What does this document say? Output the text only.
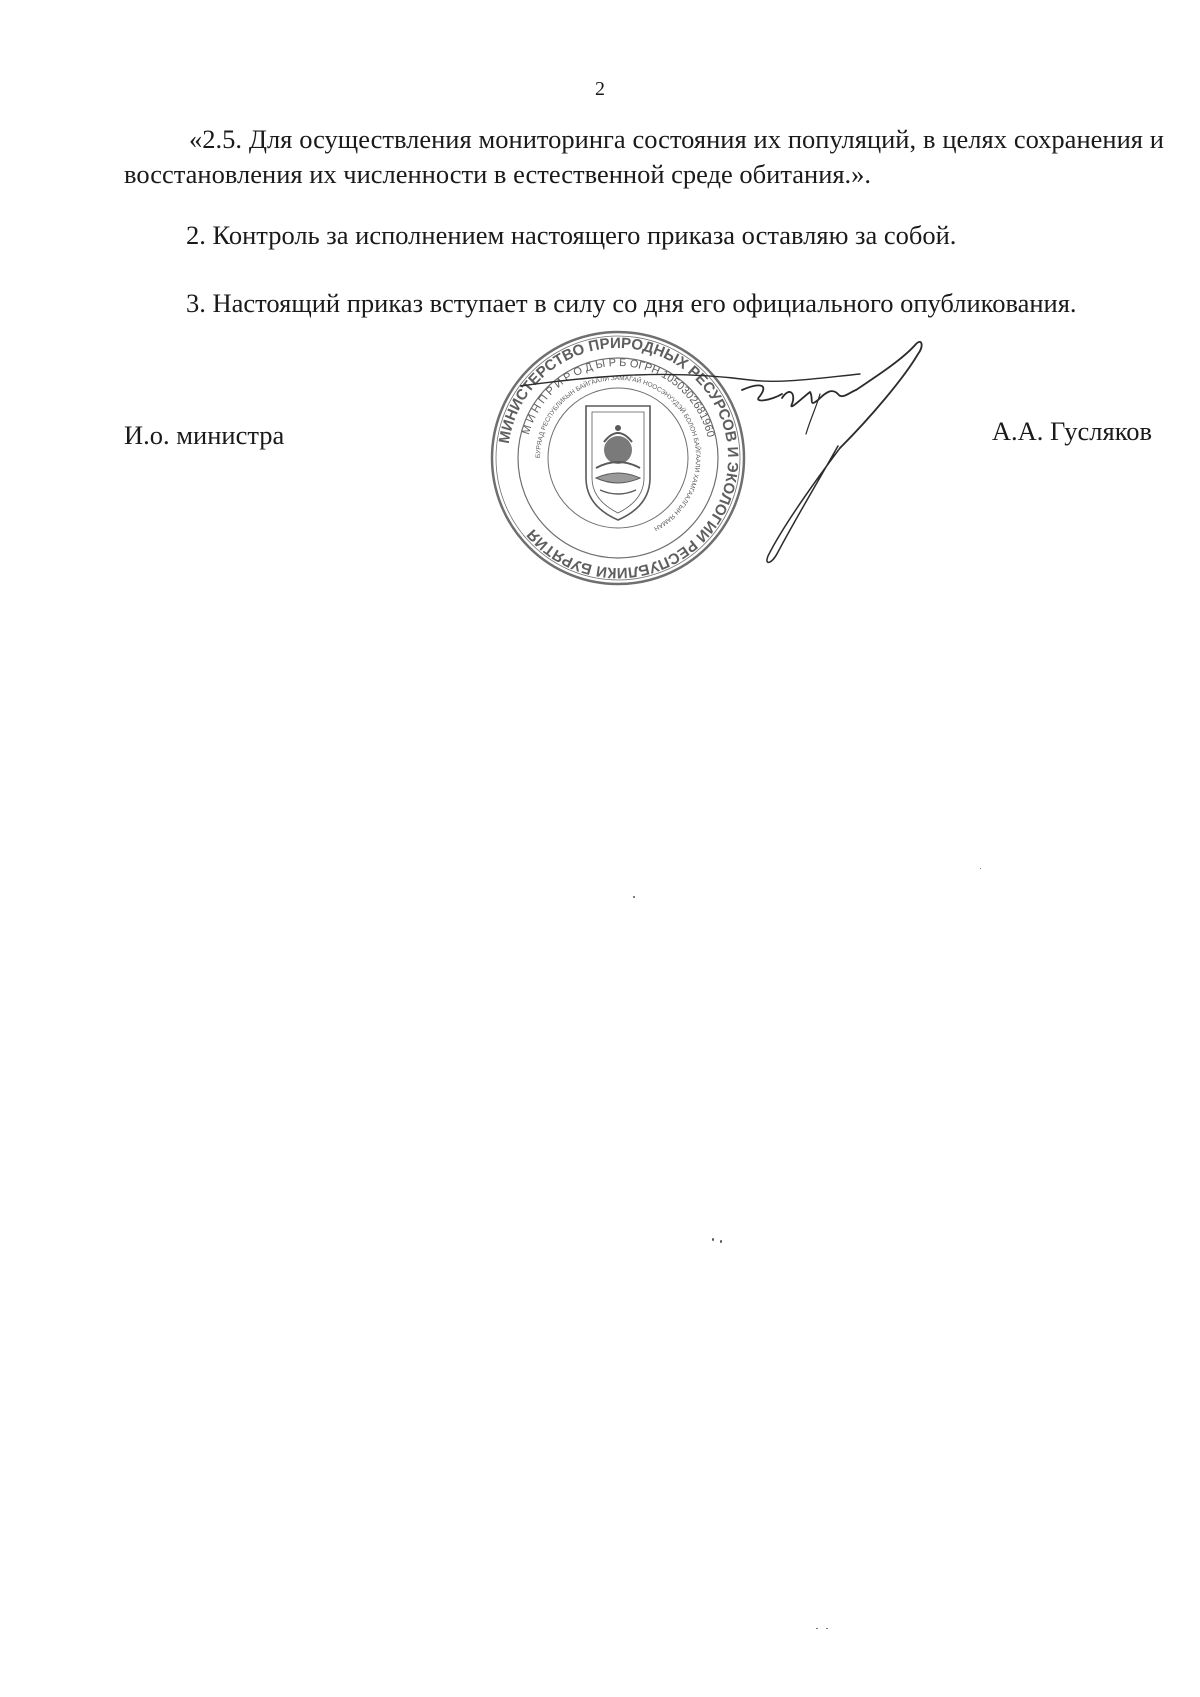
2

«2.5. Для осуществления мониторинга состояния их популяций, в целях сохранения и восстановления их численности в естественной среде обитания.».

2. Контроль за исполнением настоящего приказа оставляю за собой.

3. Настоящий приказ вступает в силу со дня его официального опубликования.

И.о. министра	МИНИСТЕРСТВО ПРИРОДНЫХ РЕСУРСОВ И ЭКОЛОГИИ РЕСПУБЛИКИ БУРЯТИЯ
М И Н П Р И Р О Д Ы Р Б ОГРН 1050302681960
БУРЯАД РЕСПУБЛИКЫН БАЙГААЛИ ЗАМАГАЙ НООСЭНУУДЭЙ БОЛОН БАЙГААЛИ ХАМГААЛГЫН ЯАМАН
А.А. Гусляков
